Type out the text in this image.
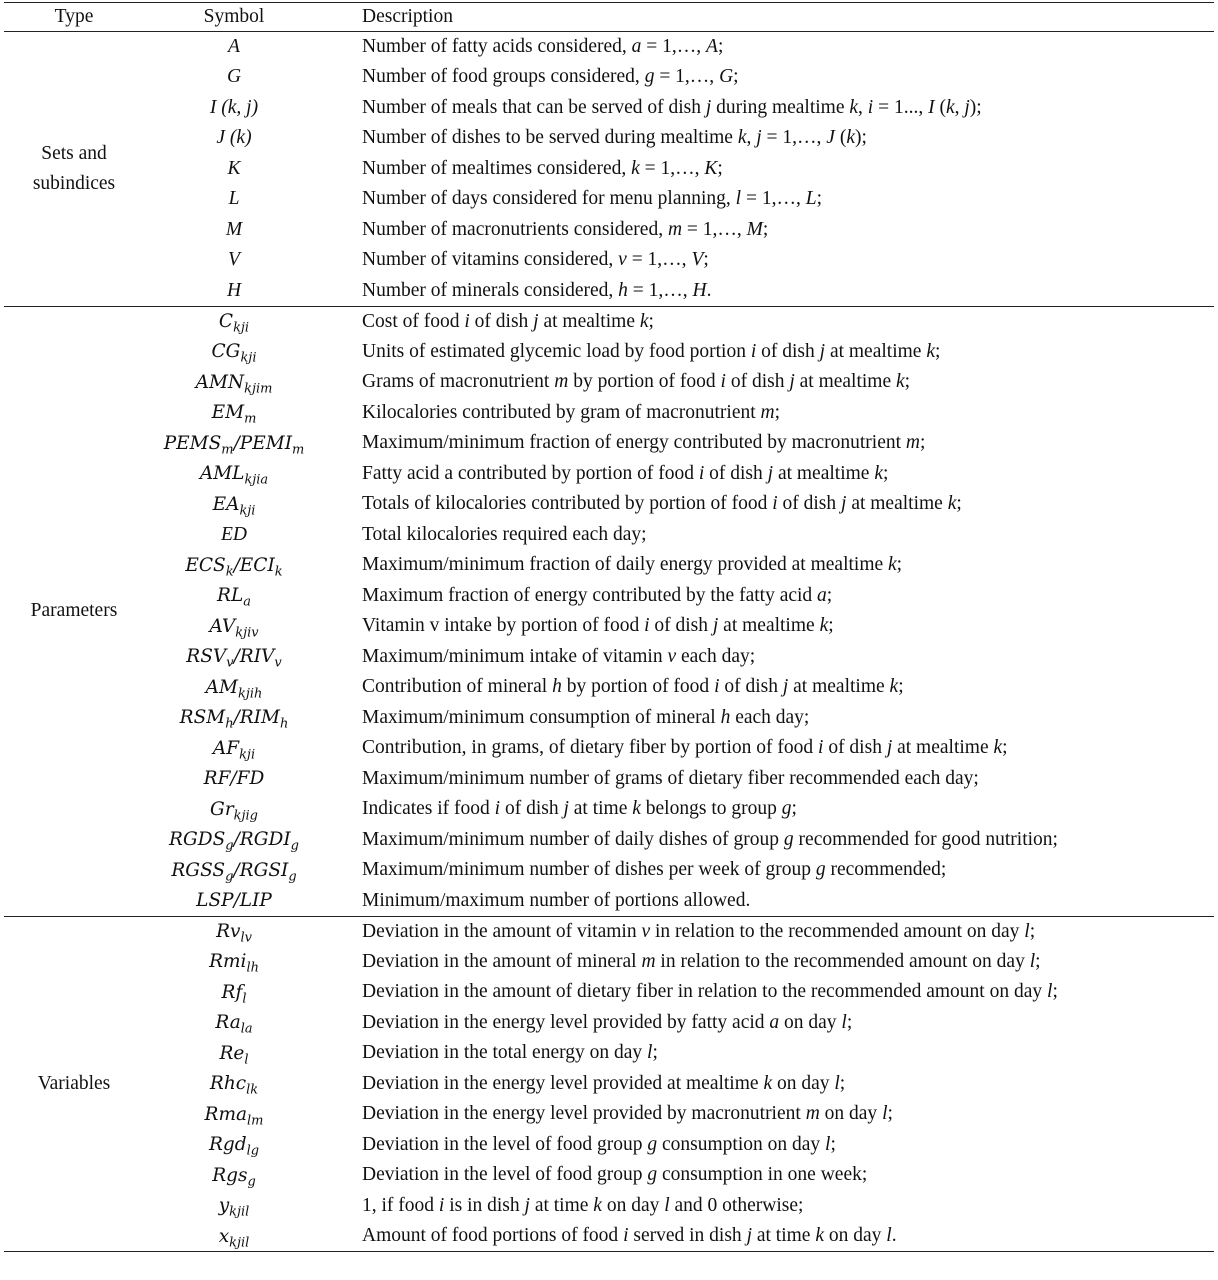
Type	Symbol	Description
Sets and subindices	A	Number of fatty acids considered, a = 1,…, A;
	G	Number of food groups considered, g = 1,…, G;
	I (k, j)	Number of meals that can be served of dish j during mealtime k, i = 1..., I (k, j);
	J (k)	Number of dishes to be served during mealtime k, j = 1,…, J (k);
	K	Number of mealtimes considered, k = 1,…, K;
	L	Number of days considered for menu planning, l = 1,…, L;
	M	Number of macronutrients considered, m = 1,…, M;
	V	Number of vitamins considered, v = 1,…, V;
	H	Number of minerals considered, h = 1,…, H.
Parameters	$C_{kji}$	Cost of food i of dish j at mealtime k;
	$CG_{kji}$	Units of estimated glycemic load by food portion i of dish j at mealtime k;
	$AMN_{kjim}$	Grams of macronutrient m by portion of food i of dish j at mealtime k;
	$EM_m$	Kilocalories contributed by gram of macronutrient m;
	$PEMS_m/PEMI_m$	Maximum/minimum fraction of energy contributed by macronutrient m;
	$AML_{kjia}$	Fatty acid a contributed by portion of food i of dish j at mealtime k;
	$EA_{kji}$	Totals of kilocalories contributed by portion of food i of dish j at mealtime k;
	ED	Total kilocalories required each day;
	$ECS_k/ECI_k$	Maximum/minimum fraction of daily energy provided at mealtime k;
	$RL_a$	Maximum fraction of energy contributed by the fatty acid a;
	$AV_{kjiv}$	Vitamin v intake by portion of food i of dish j at mealtime k;
	$RSV_v/RIV_v$	Maximum/minimum intake of vitamin v each day;
	$AM_{kjih}$	Contribution of mineral h by portion of food i of dish j at mealtime k;
	$RSM_h/RIM_h$	Maximum/minimum consumption of mineral h each day;
	$AF_{kji}$	Contribution, in grams, of dietary fiber by portion of food i of dish j at mealtime k;
	RF/FD	Maximum/minimum number of grams of dietary fiber recommended each day;
	$Gr_{kjig}$	Indicates if food i of dish j at time k belongs to group g;
	$RGDS_g/RGDI_g$	Maximum/minimum number of daily dishes of group g recommended for good nutrition;
	$RGSS_g/RGSI_g$	Maximum/minimum number of dishes per week of group g recommended;
	LSP/LIP	Minimum/maximum number of portions allowed.
Variables	$Rv_{lv}$	Deviation in the amount of vitamin v in relation to the recommended amount on day l;
	Rmi$_{lh}$	Deviation in the amount of mineral m in relation to the recommended amount on day l;
	$Rf_l$	Deviation in the amount of dietary fiber in relation to the recommended amount on day l;
	$Ra_{la}$	Deviation in the energy level provided by fatty acid a on day l;
	$Re_l$	Deviation in the total energy on day l;
	Rhc$_{lk}$	Deviation in the energy level provided at mealtime k on day l;
	Rma$_{lm}$	Deviation in the energy level provided by macronutrient m on day l;
	Rgd$_{lg}$	Deviation in the level of food group g consumption on day l;
	Rgs$_g$	Deviation in the level of food group g consumption in one week;
	$y_{kjil}$	1, if food i is in dish j at time k on day l and 0 otherwise;
	$x_{kjil}$	Amount of food portions of food i served in dish j at time k on day l.
